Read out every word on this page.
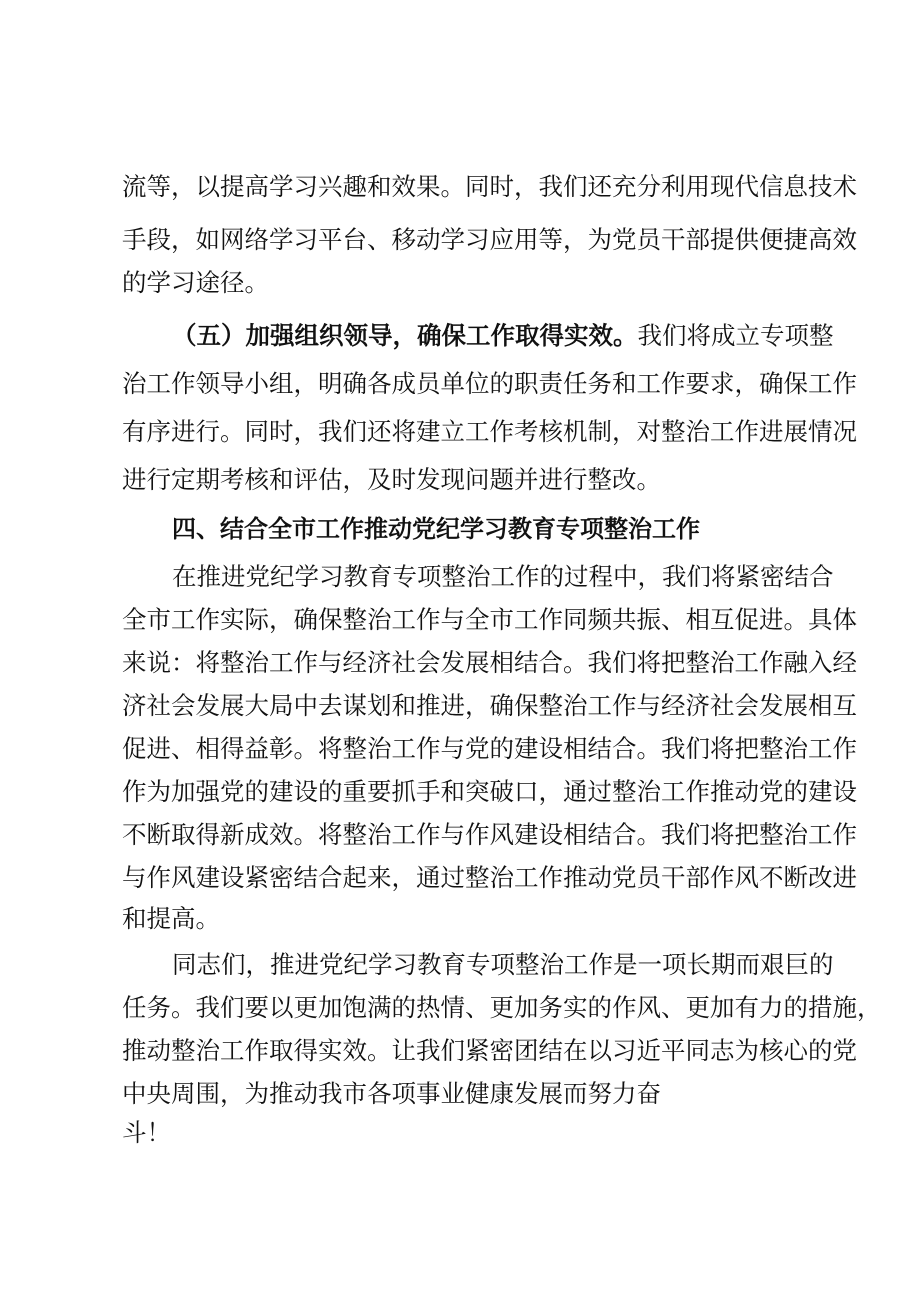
流等，以提高学习兴趣和效果。同时，我们还充分利用现代信息技术
手段，如网络学习平台、移动学习应用等，为党员干部提供便捷高效
的学习途径。
（五）加强组织领导，确保工作取得实效。我们将成立专项整
治工作领导小组，明确各成员单位的职责任务和工作要求，确保工作
有序进行。同时，我们还将建立工作考核机制，对整治工作进展情况
进行定期考核和评估，及时发现问题并进行整改。
四、结合全市工作推动党纪学习教育专项整治工作
在推进党纪学习教育专项整治工作的过程中，我们将紧密结合
全市工作实际，确保整治工作与全市工作同频共振、相互促进。具体
来说：将整治工作与经济社会发展相结合。我们将把整治工作融入经
济社会发展大局中去谋划和推进，确保整治工作与经济社会发展相互
促进、相得益彰。将整治工作与党的建设相结合。我们将把整治工作
作为加强党的建设的重要抓手和突破口，通过整治工作推动党的建设
不断取得新成效。将整治工作与作风建设相结合。我们将把整治工作
与作风建设紧密结合起来，通过整治工作推动党员干部作风不断改进
和提高。
同志们，推进党纪学习教育专项整治工作是一项长期而艰巨的
任务。我们要以更加饱满的热情、更加务实的作风、更加有力的措施，
推动整治工作取得实效。让我们紧密团结在以习近平同志为核心的党
中央周围，为推动我市各项事业健康发展而努力奋
斗！
